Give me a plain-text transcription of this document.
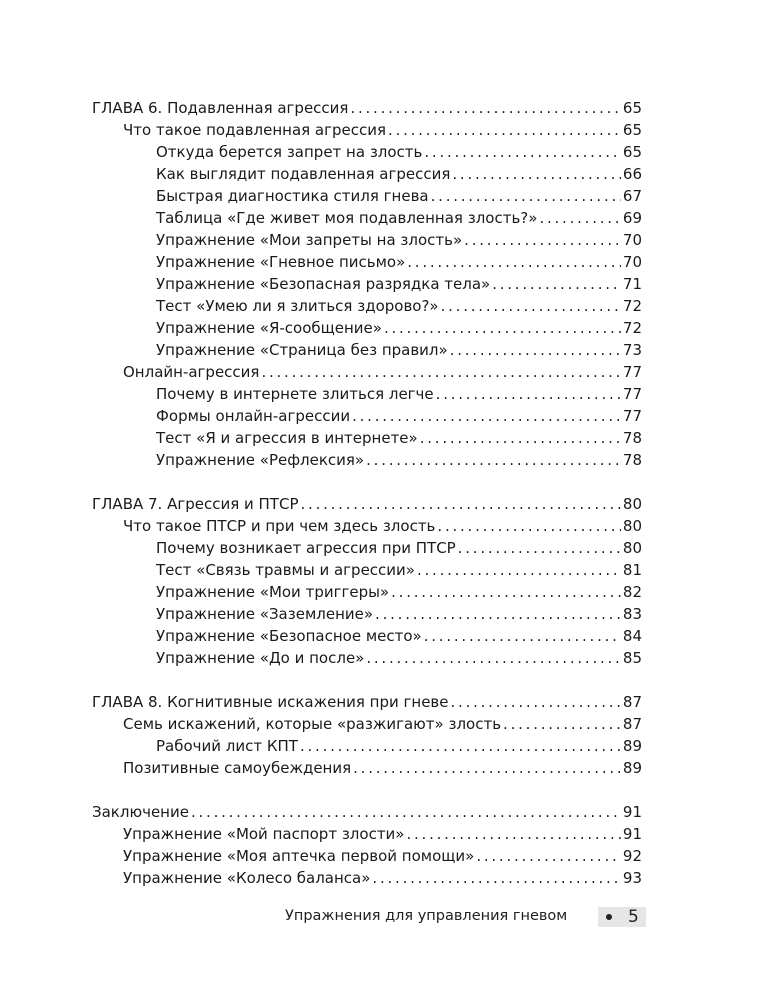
ГЛАВА 6. Подавленная агрессия . . .	65
Что такое подавленная агрессия . . .	65
Откуда берется запрет на злость . . .	65
Как выглядит подавленная агрессия . . .	66
Быстрая диагностика стиля гнева . . .	67
Таблица «Где живет моя подавленная злость?» . . .	69
Упражнение «Мои запреты на злость» . . .	70
Упражнение «Гневное письмо» . . .	70
Упражнение «Безопасная разрядка тела» . . .	71
Тест «Умею ли я злиться здорово?» . . .	72
Упражнение «Я-сообщение» . . .	72
Упражнение «Страница без правил» . . .	73
Онлайн-агрессия . . .	77
Почему в интернете злиться легче . . .	77
Формы онлайн-агрессии . . .	77
Тест «Я и агрессия в интернете» . . .	78
Упражнение «Рефлексия» . . .	78
ГЛАВА 7. Агрессия и ПТСР . . .	80
Что такое ПТСР и при чем здесь злость . . .	80
Почему возникает агрессия при ПТСР . . .	80
Тест «Связь травмы и агрессии» . . .	81
Упражнение «Мои триггеры» . . .	82
Упражнение «Заземление» . . .	83
Упражнение «Безопасное место» . . .	84
Упражнение «До и после» . . .	85
ГЛАВА 8. Когнитивные искажения при гневе . . .	87
Семь искажений, которые «разжигают» злость . . .	87
Рабочий лист КПТ . . .	89
Позитивные самоубеждения . . .	89
Заключение . . .	91
Упражнение «Мой паспорт злости» . . .	91
Упражнение «Моя аптечка первой помощи» . . .	92
Упражнение «Колесо баланса» . . .	93
Упражнения для управления гневом	5
